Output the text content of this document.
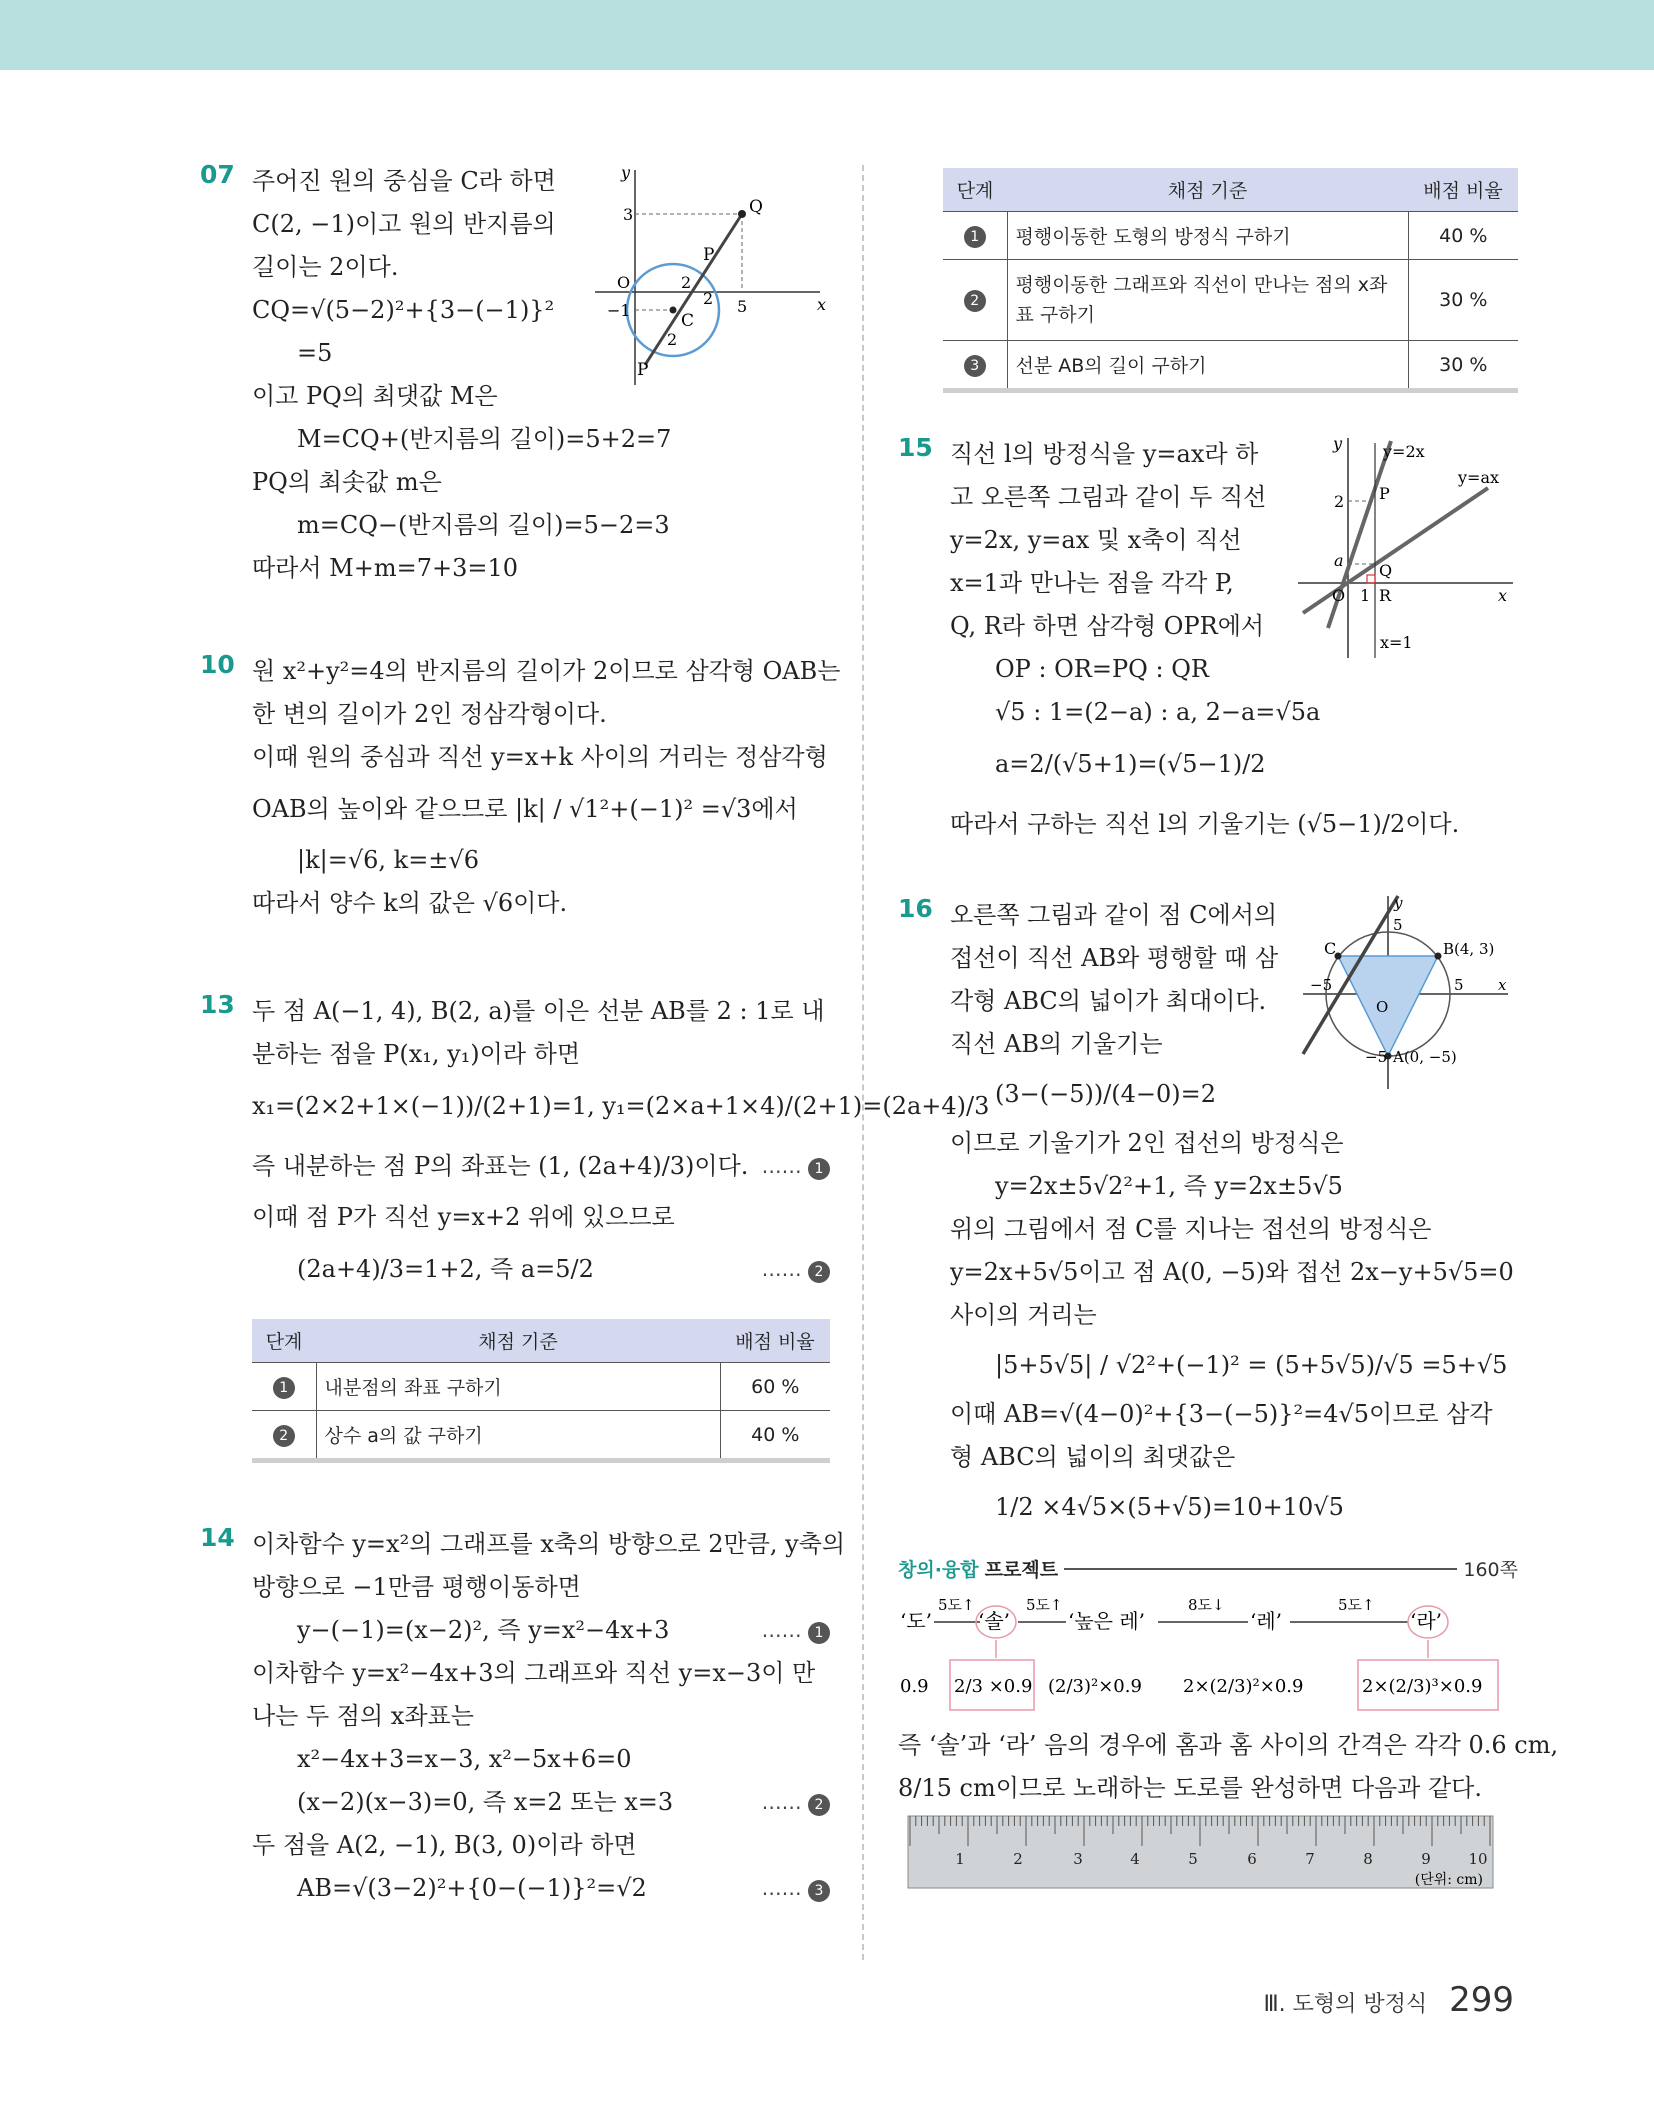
07 주어진 원의 중심을 C라 하면
C(2, −1)이고 원의 반지름의
길이는 2이다.
CQ=√(5−2)²+{3−(−1)}²
=5
이고 PQ의 최댓값 M은
M=CQ+(반지름의 길이)=5+2=7
PQ의 최솟값 m은
m=CQ−(반지름의 길이)=5−2=3
따라서 M+m=7+3=10
y
x
3
O
−1
2
2
2
5
Q
P
P
C
10 원 x²+y²=4의 반지름의 길이가 2이므로 삼각형 OAB는
한 변의 길이가 2인 정삼각형이다.
이때 원의 중심과 직선 y=x+k 사이의 거리는 정삼각형
OAB의 높이와 같으므로 |k| / √1²+(−1)² =√3에서
|k|=√6, k=±√6
따라서 양수 k의 값은 √6이다.
13 두 점 A(−1, 4), B(2, a)를 이은 선분 AB를 2 : 1로 내
분하는 점을 P(x₁, y₁)이라 하면
x₁=(2×2+1×(−1))/(2+1)=1, y₁=(2×a+1×4)/(2+1)=(2a+4)/3
즉 내분하는 점 P의 좌표는 (1, (2a+4)/3)이다. …… 1
이때 점 P가 직선 y=x+2 위에 있으므로
(2a+4)/3=1+2, 즉 a=5/2	…… 2
단계	채점 기준	배점 비율
1	내분점의 좌표 구하기	60 %
2	상수 a의 값 구하기	40 %
14 이차함수 y=x²의 그래프를 x축의 방향으로 2만큼, y축의
방향으로 −1만큼 평행이동하면
y−(−1)=(x−2)², 즉 y=x²−4x+3	…… 1
이차함수 y=x²−4x+3의 그래프와 직선 y=x−3이 만
나는 두 점의 x좌표는
x²−4x+3=x−3, x²−5x+6=0
(x−2)(x−3)=0, 즉 x=2 또는 x=3	…… 2
두 점을 A(2, −1), B(3, 0)이라 하면
AB=√(3−2)²+{0−(−1)}²=√2	…… 3
단계	채점 기준	배점 비율
1	평행이동한 도형의 방정식 구하기	40 %
2	평행이동한 그래프와 직선이 만나는 점의 x좌표 구하기	30 %
3	선분 AB의 길이 구하기	30 %
15 직선 l의 방정식을 y=ax라 하
고 오른쪽 그림과 같이 두 직선
y=2x, y=ax 및 x축이 직선
x=1과 만나는 점을 각각 P,
Q, R라 하면 삼각형 OPR에서
OP : OR=PQ : QR
√5 : 1=(2−a) : a, 2−a=√5a
a=2/(√5+1)=(√5−1)/2
따라서 구하는 직선 l의 기울기는 (√5−1)/2이다.
y
x
y=2x
y=ax
2
a
P
Q
O 1 R
x=1
16 오른쪽 그림과 같이 점 C에서의
접선이 직선 AB와 평행할 때 삼
각형 ABC의 넓이가 최대이다.
직선 AB의 기울기는
(3−(−5))/(4−0)=2
이므로 기울기가 2인 접선의 방정식은
y=2x±5√2²+1, 즉 y=2x±5√5
위의 그림에서 점 C를 지나는 접선의 방정식은
y=2x+5√5이고 점 A(0, −5)와 접선 2x−y+5√5=0
사이의 거리는
|5+5√5| / √2²+(−1)² = (5+5√5)/√5 =5+√5
이때 AB=√(4−0)²+{3−(−5)}²=4√5이므로 삼각
형 ABC의 넓이의 최댓값은
1/2 ×4√5×(5+√5)=10+10√5
y
x
C
5
B(4, 3)
−5
O
5
−5 A(0, −5)
창의·융합 프로젝트	160쪽
‘도’
5도↑
‘솔’
5도↑
‘높은 레’
8도↓
‘레’
5도↑
‘라’
0.9 2/3 ×0.9 (2/3)²×0.9 2×(2/3)²×0.9	2×(2/3)³×0.9
즉 ‘솔’과 ‘라’ 음의 경우에 홈과 홈 사이의 간격은 각각 0.6 cm,
8/15 cm이므로 노래하는 도로를 완성하면 다음과 같다.
1	2	3	4	5	6	7	8	9	10
(단위: cm)
Ⅲ. 도형의 방정식 299
